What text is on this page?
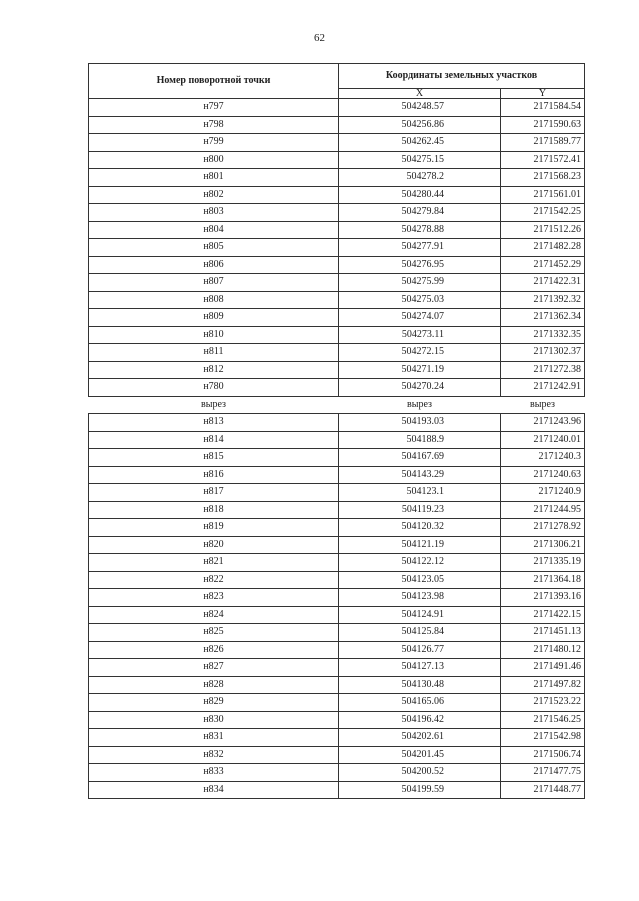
62
Номер поворотной точки	Координаты земельных участков	
	X	Y
н797	504248.57	2171584.54
н798	504256.86	2171590.63
н799	504262.45	2171589.77
н800	504275.15	2171572.41
н801	504278.2	2171568.23
н802	504280.44	2171561.01
н803	504279.84	2171542.25
н804	504278.88	2171512.26
н805	504277.91	2171482.28
н806	504276.95	2171452.29
н807	504275.99	2171422.31
н808	504275.03	2171392.32
н809	504274.07	2171362.34
н810	504273.11	2171332.35
н811	504272.15	2171302.37
н812	504271.19	2171272.38
н780	504270.24	2171242.91
вырез	вырез	вырез
н813	504193.03	2171243.96
н814	504188.9	2171240.01
н815	504167.69	2171240.3
н816	504143.29	2171240.63
н817	504123.1	2171240.9
н818	504119.23	2171244.95
н819	504120.32	2171278.92
н820	504121.19	2171306.21
н821	504122.12	2171335.19
н822	504123.05	2171364.18
н823	504123.98	2171393.16
н824	504124.91	2171422.15
н825	504125.84	2171451.13
н826	504126.77	2171480.12
н827	504127.13	2171491.46
н828	504130.48	2171497.82
н829	504165.06	2171523.22
н830	504196.42	2171546.25
н831	504202.61	2171542.98
н832	504201.45	2171506.74
н833	504200.52	2171477.75
н834	504199.59	2171448.77
